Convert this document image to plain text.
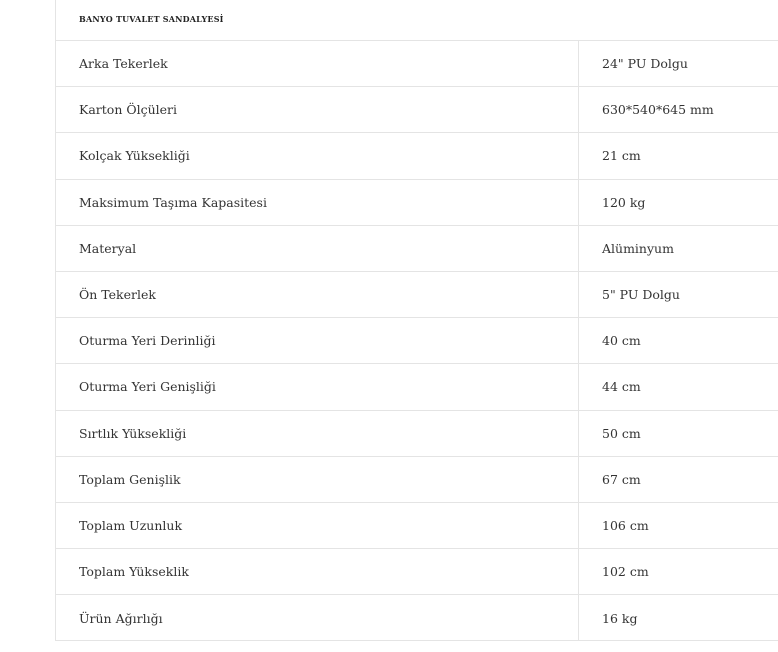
BANYO TUVALET SANDALYESİ
Arka Tekerlek	24" PU Dolgu
Karton Ölçüleri	630*540*645 mm
Kolçak Yüksekliği	21 cm
Maksimum Taşıma Kapasitesi	120 kg
Materyal	Alüminyum
Ön Tekerlek	5" PU Dolgu
Oturma Yeri Derinliği	40 cm
Oturma Yeri Genişliği	44 cm
Sırtlık Yüksekliği	50 cm
Toplam Genişlik	67 cm
Toplam Uzunluk	106 cm
Toplam Yükseklik	102 cm
Ürün Ağırlığı	16 kg
